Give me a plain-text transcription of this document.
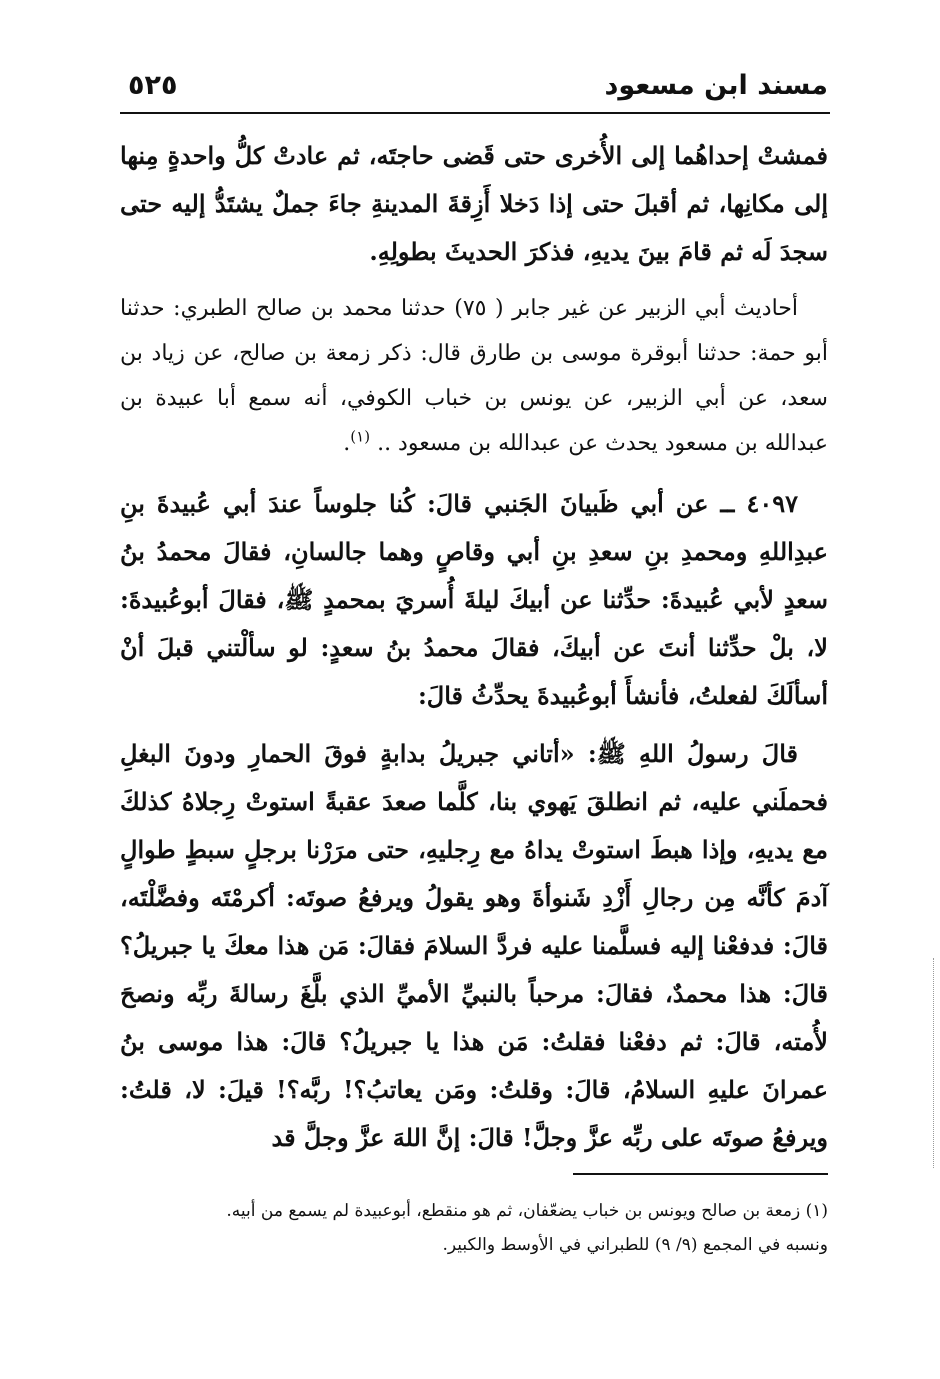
مسند ابن مسعود
٥٢٥

فمشتْ إحداهُما إلى الأُخرى حتى قَضى حاجتَه، ثم عادتْ كلُّ واحدةٍ مِنها إلى مكانِها، ثم أقبلَ حتى إذا دَخلا أَزِقةَ المدينةِ جاءَ جملٌ يشتَدُّ إليه حتى سجدَ لَه ثم قامَ بينَ يديهِ، فذكرَ الحديثَ بطولِهِ.

أحاديث أبي الزبير عن غير جابر ( ٧٥) حدثنا محمد بن صالح الطبري: حدثنا أبو حمة: حدثنا أبوقرة موسى بن طارق قال: ذكر زمعة بن صالح، عن زياد بن سعد، عن أبي الزبير، عن يونس بن خباب الكوفي، أنه سمع أبا عبيدة بن عبدالله بن مسعود يحدث عن عبدالله بن مسعود .. $^{(١)}$.

٤٠٩٧ ــ عن أبي ظَبيانَ الجَنبي قالَ: كُنا جلوساً عندَ أبي عُبيدةَ بنِ عبدِاللهِ ومحمدِ بنِ سعدِ بنِ أبي وقاصٍ وهما جالسانِ، فقالَ محمدُ بنُ سعدٍ لأبي عُبيدةَ: حدِّثنا عن أبيكَ ليلةَ أُسريَ بمحمدٍ ﷺ، فقالَ أبوعُبيدةَ: لا، بلْ حدِّثنا أنتَ عن أبيكَ، فقالَ محمدُ بنُ سعدٍ: لو سألْتني قبلَ أنْ أسألَكَ لفعلتُ، فأنشأَ أبوعُبيدةَ يحدِّثُ قالَ:

قالَ رسولُ اللهِ ﷺ: «أتاني جبريلُ بدابةٍ فوقَ الحمارِ ودونَ البغلِ فحملَني عليه، ثم انطلقَ يَهوي بنا، كلَّما صعدَ عقبةً استوتْ رِجلاهُ كذلكَ مع يديهِ، وإذا هبطَ استوتْ يداهُ مع رِجليهِ، حتى مرَرْنا برجلٍ سبطٍ طوالٍ آدمَ كأنَّه مِن رجالِ أَزْدِ شَنوأةَ وهو يقولُ ويرفعُ صوتَه: أكرمْتَه وفضَّلْتَه، قالَ: فدفعْنا إليه فسلَّمنا عليه فردَّ السلامَ فقالَ: مَن هذا معكَ يا جبريلُ؟ قالَ: هذا محمدٌ، فقالَ: مرحباً بالنبيِّ الأميِّ الذي بلَّغَ رسالةَ ربِّه ونصحَ لأُمته، قالَ: ثم دفعْنا فقلتُ: مَن هذا يا جبريلُ؟ قالَ: هذا موسى بنُ عمرانَ عليهِ السلامُ، قالَ: وقلتُ: ومَن يعاتبُ؟! ربَّه؟! قيلَ: لا، قلتُ: ويرفعُ صوتَه على ربِّه عزَّ وجلَّ! قالَ: إنَّ اللهَ عزَّ وجلَّ قد

(١) زمعة بن صالح ويونس بن خباب يضعّفان، ثم هو منقطع، أبوعبيدة لم يسمع من أبيه.

ونسبه في المجمع (٩/ ٩) للطبراني في الأوسط والكبير.
